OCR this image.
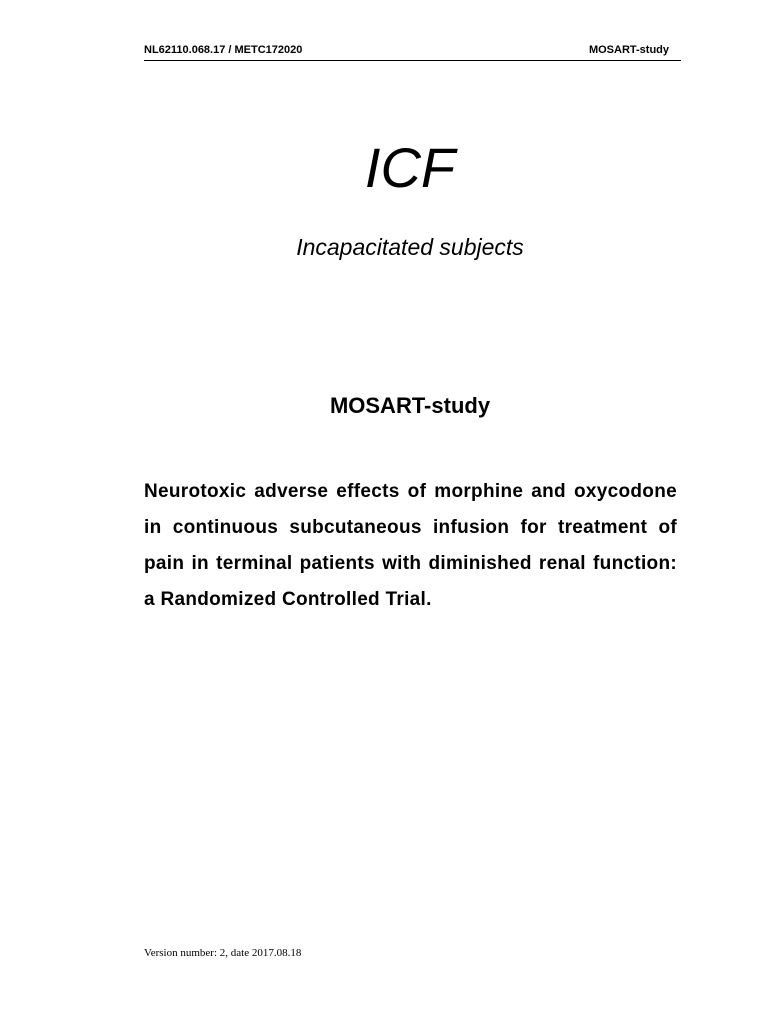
NL62110.068.17 / METC172020	MOSART-study
ICF
Incapacitated subjects
MOSART-study
Neurotoxic adverse effects of morphine and oxycodone in continuous subcutaneous infusion for treatment of pain in terminal patients with diminished renal function: a Randomized Controlled Trial.
Version number: 2, date 2017.08.18
